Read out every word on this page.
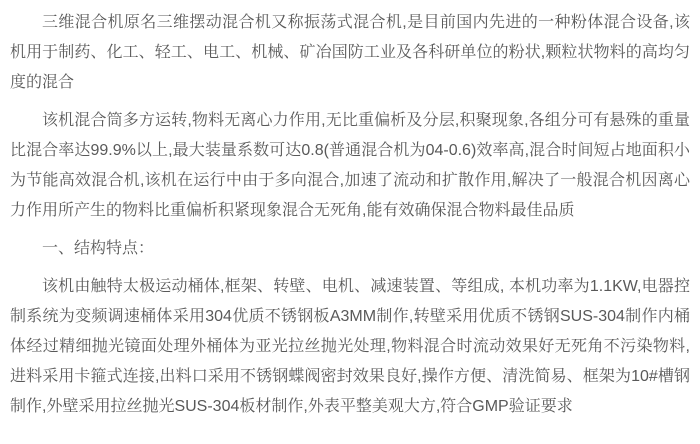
三维混合机原名三维摆动混合机又称振荡式混合机,是目前国内先进的一种粉体混合设备,该机用于制药、化工、轻工、电工、机械、矿冶国防工业及各科研单位的粉状,颗粒状物料的高均匀度的混合

该机混合筒多方运转,物料无离心力作用,无比重偏析及分层,积聚现象,各组分可有悬殊的重量比混合率达99.9%以上,最大装量系数可达0.8(普通混合机为04-0.6)效率高,混合时间短占地面积小为节能高效混合机,该机在运行中由于多向混合,加速了流动和扩散作用,解决了一般混合机因离心力作用所产生的物料比重偏析积紧现象混合无死角,能有效确保混合物料最佳品质

一、结构特点：

该机由触特太极运动桶体,框架、转壁、电机、减速装置、等组成, 本机功率为1.1KW,电器控制系统为变频调速桶体采用304优质不锈钢板A3MM制作,转壁采用优质不锈钢SUS-304制作内桶体经过精细抛光镜面处理外桶体为亚光拉丝抛光处理,物料混合时流动效果好无死角不污染物料,进料采用卡箍式连接,出料口采用不锈钢蝶阀密封效果良好,操作方便、清洗简易、框架为10#槽钢制作,外壁采用拉丝抛光SUS-304板材制作,外表平整美观大方,符合GMP验证要求
